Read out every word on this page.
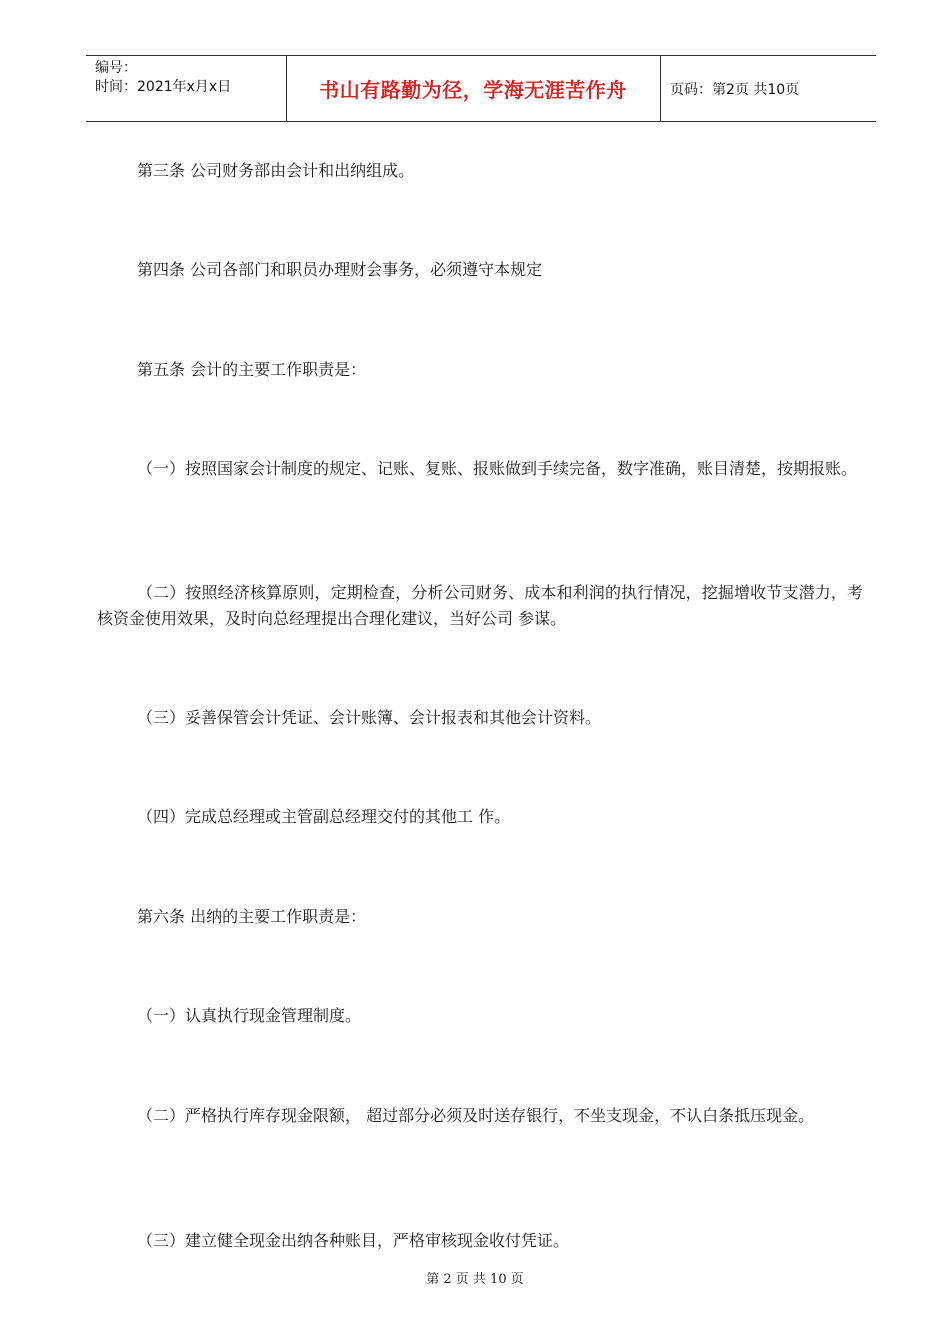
编号：
时间：2021年x月x日	书山有路勤为径，学海无涯苦作舟	页码：第2页 共10页

第三条 公司财务部由会计和出纳组成。

第四条 公司各部门和职员办理财会事务，必须遵守本规定

第五条 会计的主要工作职责是：

（一）按照国家会计制度的规定、记账、复账、报账做到手续完备，数字准确，账目清楚，按期报账。

（二）按照经济核算原则，定期检查，分析公司财务、成本和利润的执行情况，挖掘增收节支潜力，考核资金使用效果，及时向总经理提出合理化建议，当好公司 参谋。

（三）妥善保管会计凭证、会计账簿、会计报表和其他会计资料。

（四）完成总经理或主管副总经理交付的其他工 作。

第六条 出纳的主要工作职责是：

（一）认真执行现金管理制度。

（二）严格执行库存现金限额， 超过部分必须及时送存银行，不坐支现金，不认白条抵压现金。

（三）建立健全现金出纳各种账目，严格审核现金收付凭证。

第 2 页 共 10 页
